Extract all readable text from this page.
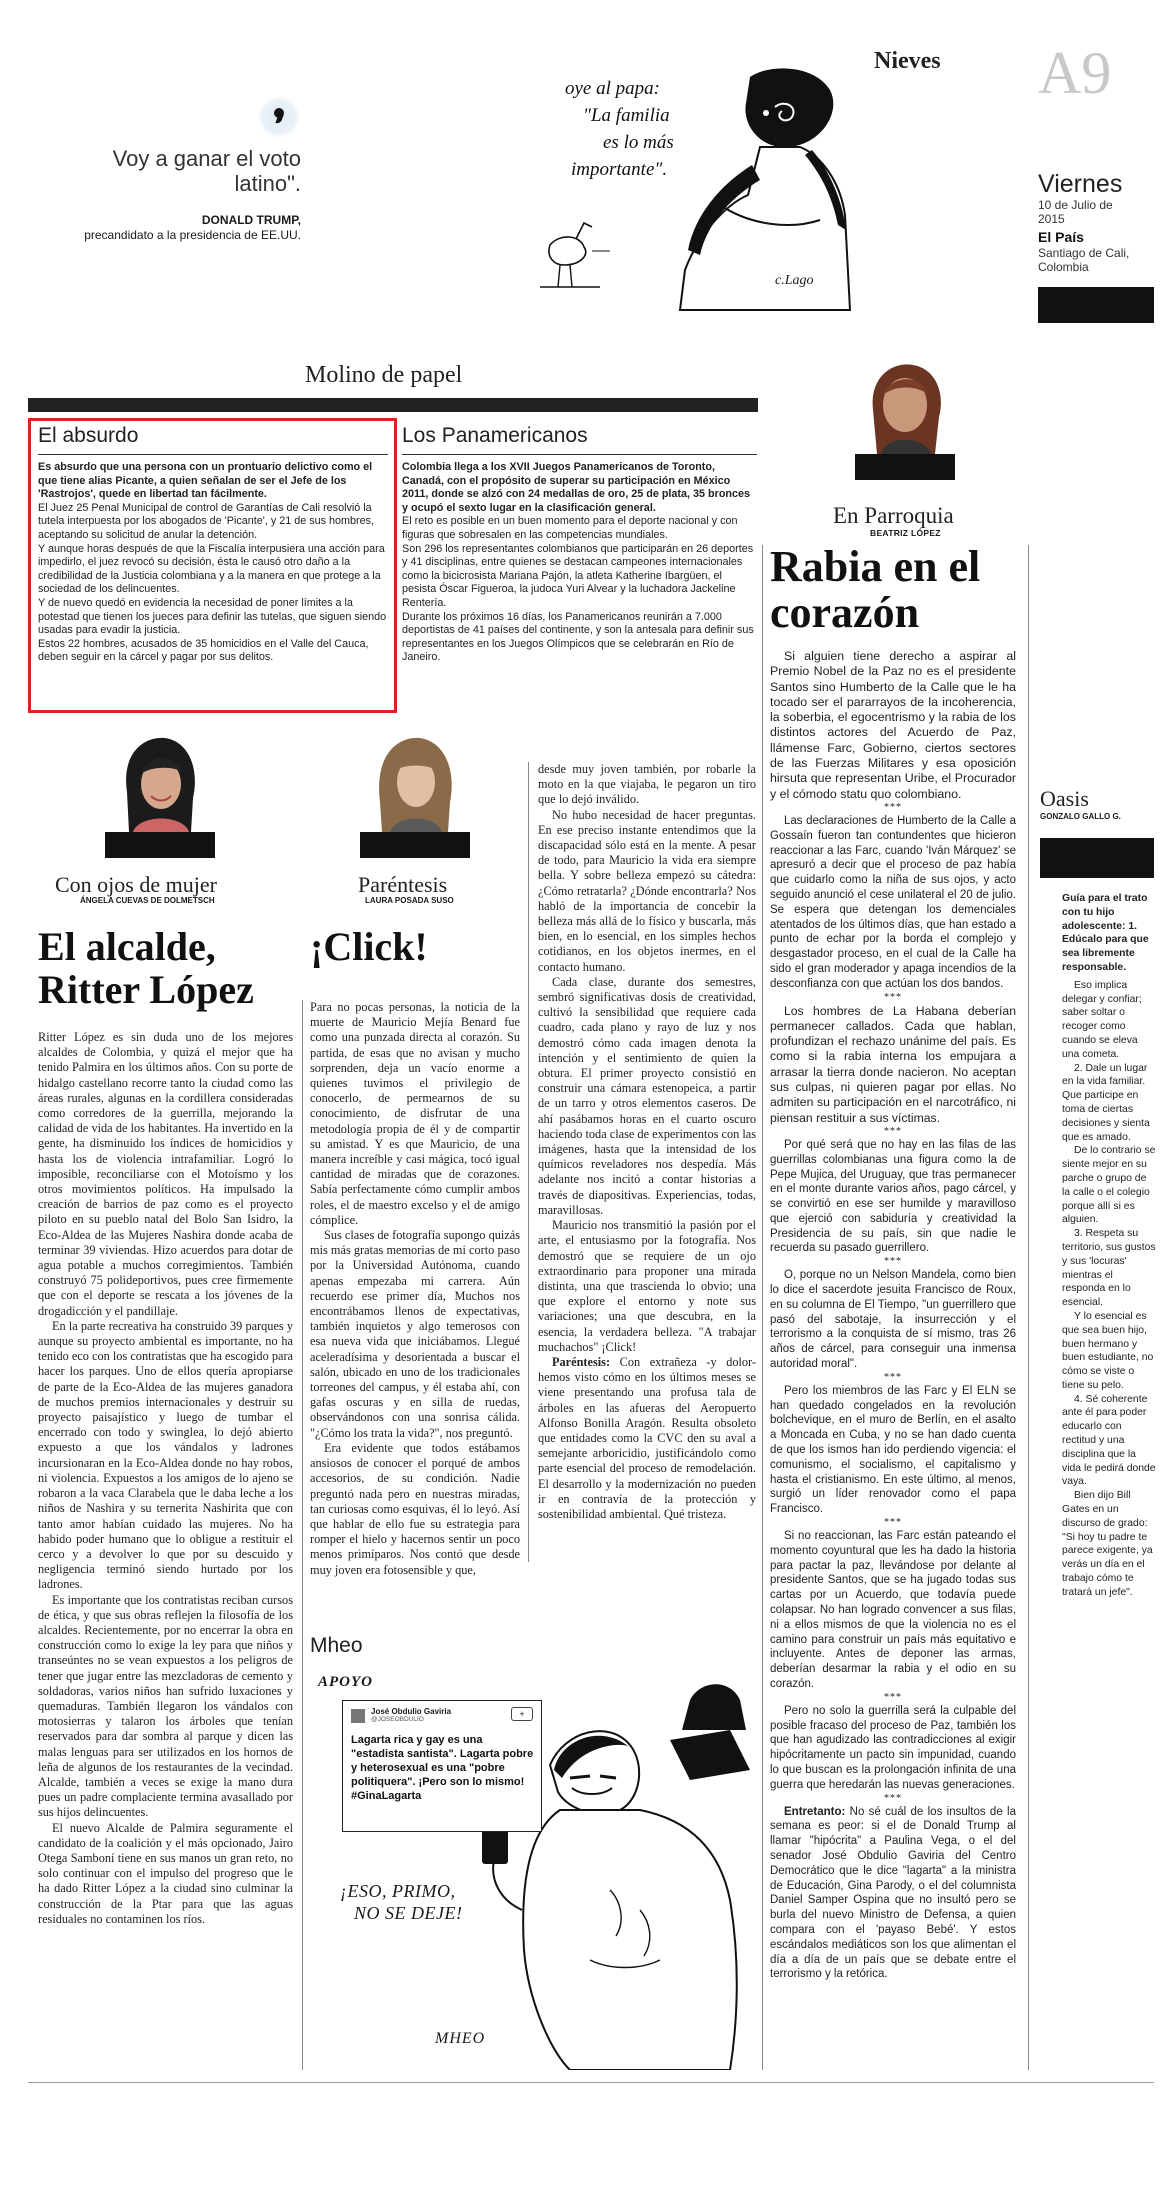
Voy a ganar el voto latino".
DONALD TRUMP,
precandidato a la presidencia de EE.UU.
oye al papa:
"La familia
es lo más
importante".
c.Lago
Nieves A9
Viernes
10 de Julio de 2015
El País
Santiago de Cali, Colombia
Molino de papel
El absurdo

Es absurdo que una persona con un prontuario delictivo como el que tiene alias Picante, a quien señalan de ser el Jefe de los 'Rastrojos', quede en libertad tan fácilmente.

El Juez 25 Penal Municipal de control de Garantías de Cali resolvió la tutela interpuesta por los abogados de 'Picante', y 21 de sus hombres, aceptando su solicitud de anular la detención.

Y aunque horas después de que la Fiscalía interpusiera una acción para impedirlo, el juez revocó su decisión, ésta le causó otro daño a la credibilidad de la Justicia colombiana y a la manera en que protege a la sociedad de los delincuentes.

Y de nuevo quedó en evidencia la necesidad de poner límites a la potestad que tienen los jueces para definir las tutelas, que siguen siendo usadas para evadir la justicia.

Estos 22 hombres, acusados de 35 homicidios en el Valle del Cauca, deben seguir en la cárcel y pagar por sus delitos.

Los Panamericanos

Colombia llega a los XVII Juegos Panamericanos de Toronto, Canadá, con el propósito de superar su participación en México 2011, donde se alzó con 24 medallas de oro, 25 de plata, 35 bronces y ocupó el sexto lugar en la clasificación general.

El reto es posible en un buen momento para el deporte nacional y con figuras que sobresalen en las competencias mundiales.

Son 296 los representantes colombianos que participarán en 26 deportes y 41 disciplinas, entre quienes se destacan campeones internacionales como la bicicrosista Mariana Pajón, la atleta Katherine Ibargüen, el pesista Óscar Figueroa, la judoca Yuri Alvear y la luchadora Jackeline Rentería.

Durante los próximos 16 días, los Panamericanos reunirán a 7.000 deportistas de 41 países del continente, y son la antesala para definir sus representantes en los Juegos Olímpicos que se celebrarán en Río de Janeiro.

En Parroquia
BEATRIZ LÓPEZ
Rabia en el corazón

Si alguien tiene derecho a aspirar al Premio Nobel de la Paz no es el presidente Santos sino Humberto de la Calle que le ha tocado ser el pararrayos de la incoherencia, la soberbia, el egocentrismo y la rabia de los distintos actores del Acuerdo de Paz, llámense Farc, Gobierno, ciertos sectores de las Fuerzas Militares y esa oposición hirsuta que representan Uribe, el Procurador y el cómodo statu quo colombiano.

***

Las declaraciones de Humberto de la Calle a Gossaín fueron tan contundentes que hicieron reaccionar a las Farc, cuando 'Iván Márquez' se apresuró a decir que el proceso de paz había que cuidarlo como la niña de sus ojos, y acto seguido anunció el cese unilateral el 20 de julio. Se espera que detengan los demenciales atentados de los últimos días, que han estado a punto de echar por la borda el complejo y desgastador proceso, en el cual de la Calle ha sido el gran moderador y apaga incendios de la desconfianza con que actúan los dos bandos.

***

Los hombres de La Habana deberían permanecer callados. Cada que hablan, profundizan el rechazo unánime del país. Es como si la rabia interna los empujara a arrasar la tierra donde nacieron. No aceptan sus culpas, ni quieren pagar por ellas. No admiten su participación en el narcotráfico, ni piensan restituir a sus víctimas.

***

Por qué será que no hay en las filas de las guerrillas colombianas una figura como la de Pepe Mujica, del Uruguay, que tras permanecer en el monte durante varios años, pago cárcel, y se convirtió en ese ser humilde y maravilloso que ejerció con sabiduría y creatividad la Presidencia de su país, sin que nadie le recuerda su pasado guerrillero.

***

O, porque no un Nelson Mandela, como bien lo dice el sacerdote jesuita Francisco de Roux, en su columna de El Tiempo, "un guerrillero que pasó del sabotaje, la insurrección y el terrorismo a la conquista de sí mismo, tras 26 años de cárcel, para conseguir una inmensa autoridad moral".

***

Pero los miembros de las Farc y El ELN se han quedado congelados en la revolución bolchevique, en el muro de Berlín, en el asalto a Moncada en Cuba, y no se han dado cuenta de que los ismos han ido perdiendo vigencia: el comunismo, el socialismo, el capitalismo y hasta el cristianismo. En este último, al menos, surgió un líder renovador como el papa Francisco.

***

Si no reaccionan, las Farc están pateando el momento coyuntural que les ha dado la historia para pactar la paz, llevándose por delante al presidente Santos, que se ha jugado todas sus cartas por un Acuerdo, que todavía puede colapsar. No han logrado convencer a sus filas, ni a ellos mismos de que la violencia no es el camino para construir un país más equitativo e incluyente. Antes de deponer las armas, deberían desarmar la rabia y el odio en su corazón.

***

Pero no solo la guerrilla será la culpable del posible fracaso del proceso de Paz, también los que han agudizado las contradicciones al exigir hipócritamente un pacto sin impunidad, cuando lo que buscan es la prolongación infinita de una guerra que heredarán las nuevas generaciones.

***

Entretanto: No sé cuál de los insultos de la semana es peor: si el de Donald Trump al llamar "hipócrita" a Paulina Vega, o el del senador José Obdulio Gaviria del Centro Democrático que le dice "lagarta" a la ministra de Educación, Gina Parody, o el del columnista Daniel Samper Ospina que no insultó pero se burla del nuevo Ministro de Defensa, a quien compara con el 'payaso Bebé'. Y estos escándalos mediáticos son los que alimentan el día a día de un país que se debate entre el terrorismo y la retórica.

Oasis
GONZALO GALLO G.

Guía para el trato con tu hijo adolescente: 1. Edúcalo para que sea libremente responsable.

Eso implica delegar y confiar; saber soltar o recoger como cuando se eleva una cometa.

2. Dale un lugar en la vida familiar. Que participe en toma de ciertas decisiones y sienta que es amado.

De lo contrario se siente mejor en su parche o grupo de la calle o el colegio porque allí si es alguien.

3. Respeta su territorio, sus gustos y sus 'locuras' mientras el responda en lo esencial.

Y lo esencial es que sea buen hijo, buen hermano y buen estudiante, no cómo se viste o tiene su pelo.

4. Sé coherente ante él para poder educarlo con rectitud y una disciplina que la vida le pedirá donde vaya.

Bien dijo Bill Gates en un discurso de grado: "Si hoy tu padre te parece exigente, ya verás un día en el trabajo cómo te tratará un jefe".

Con ojos de mujer
ÁNGELA CUEVAS DE DOLMETSCH
El alcalde, Ritter López

Ritter López es sin duda uno de los mejores alcaldes de Colombia, y quizá el mejor que ha tenido Palmira en los últimos años. Con su porte de hidalgo castellano recorre tanto la ciudad como las áreas rurales, algunas en la cordillera consideradas como corredores de la guerrilla, mejorando la calidad de vida de los habitantes. Ha invertido en la gente, ha disminuido los índices de homicidios y hasta los de violencia intrafamiliar. Logró lo imposible, reconciliarse con el Motoísmo y los otros movimientos políticos. Ha impulsado la creación de barrios de paz como es el proyecto piloto en su pueblo natal del Bolo San Isidro, la Eco-Aldea de las Mujeres Nashira donde acaba de terminar 39 viviendas. Hizo acuerdos para dotar de agua potable a muchos corregimientos. También construyó 75 polideportivos, pues cree firmemente que con el deporte se rescata a los jóvenes de la drogadicción y el pandillaje.

En la parte recreativa ha construido 39 parques y aunque su proyecto ambiental es importante, no ha tenido eco con los contratistas que ha escogido para hacer los parques. Uno de ellos quería apropiarse de parte de la Eco-Aldea de las mujeres ganadora de muchos premios internacionales y destruir su proyecto paisajístico y luego de tumbar el encerrado con todo y swinglea, lo dejó abierto expuesto a que los vándalos y ladrones incursionaran en la Eco-Aldea donde no hay robos, ni violencia. Expuestos a los amigos de lo ajeno se robaron a la vaca Clarabela que le daba leche a los niños de Nashira y su ternerita Nashirita que con tanto amor habían cuidado las mujeres. No ha habido poder humano que lo obligue a restituir el cerco y a devolver lo que por su descuido y negligencia terminó siendo hurtado por los ladrones.

Es importante que los contratistas reciban cursos de ética, y que sus obras reflejen la filosofía de los alcaldes. Recientemente, por no encerrar la obra en construcción como lo exige la ley para que niños y transeúntes no se vean expuestos a los peligros de tener que jugar entre las mezcladoras de cemento y soldadoras, varios niños han sufrido luxaciones y quemaduras. También llegaron los vándalos con motosierras y talaron los árboles que tenían reservados para dar sombra al parque y dicen las malas lenguas para ser utilizados en los hornos de leña de algunos de los restaurantes de la vecindad. Alcalde, también a veces se exige la mano dura pues un padre complaciente termina avasallado por sus hijos delincuentes.

El nuevo Alcalde de Palmira seguramente el candidato de la coalición y el más opcionado, Jairo Otega Samboní tiene en sus manos un gran reto, no solo continuar con el impulso del progreso que le ha dado Ritter López a la ciudad sino culminar la construcción de la Ptar para que las aguas residuales no contaminen los ríos.

Paréntesis
LAURA POSADA SUSO
¡Click!

Para no pocas personas, la noticia de la muerte de Mauricio Mejía Benard fue como una punzada directa al corazón. Su partida, de esas que no avisan y mucho sorprenden, deja un vacío enorme a quienes tuvimos el privilegio de conocerlo, de permearnos de su conocimiento, de disfrutar de una metodología propia de él y de compartir su amistad. Y es que Mauricio, de una manera increíble y casi mágica, tocó igual cantidad de miradas que de corazones. Sabía perfectamente cómo cumplir ambos roles, el de maestro excelso y el de amigo cómplice.

Sus clases de fotografía supongo quizás mis más gratas memorias de mi corto paso por la Universidad Autónoma, cuando apenas empezaba mi carrera. Aún recuerdo ese primer día, Muchos nos encontrábamos llenos de expectativas, también inquietos y algo temerosos con esa nueva vida que iniciábamos. Llegué aceleradísima y desorientada a buscar el salón, ubicado en uno de los tradicionales torreones del campus, y él estaba ahí, con gafas oscuras y en silla de ruedas, observándonos con una sonrisa cálida. "¿Cómo los trata la vida?", nos preguntó.

Era evidente que todos estábamos ansiosos de conocer el porqué de ambos accesorios, de su condición. Nadie preguntó nada pero en nuestras miradas, tan curiosas como esquivas, él lo leyó. Así que hablar de ello fue su estrategia para romper el hielo y hacernos sentir un poco menos primíparos. Nos contó que desde muy joven era fotosensible y que,

desde muy joven también, por robarle la moto en la que viajaba, le pegaron un tiro que lo dejó inválido.

No hubo necesidad de hacer preguntas. En ese preciso instante entendimos que la discapacidad sólo está en la mente. A pesar de todo, para Mauricio la vida era siempre bella. Y sobre belleza empezó su cátedra: ¿Cómo retratarla? ¿Dónde encontrarla? Nos habló de la importancia de concebir la belleza más allá de lo físico y buscarla, más bien, en lo esencial, en los simples hechos cotidianos, en los objetos inermes, en el contacto humano.

Cada clase, durante dos semestres, sembró significativas dosis de creatividad, cultivó la sensibilidad que requiere cada cuadro, cada plano y rayo de luz y nos demostró cómo cada imagen denota la intención y el sentimiento de quien la obtura. El primer proyecto consistió en construir una cámara estenopeica, a partir de un tarro y otros elementos caseros. De ahí pasábamos horas en el cuarto oscuro haciendo toda clase de experimentos con las imágenes, hasta que la intensidad de los químicos reveladores nos despedía. Más adelante nos incitó a contar historias a través de diapositivas. Experiencias, todas, maravillosas.

Mauricio nos transmitió la pasión por el arte, el entusiasmo por la fotografía. Nos demostró que se requiere de un ojo extraordinario para proponer una mirada distinta, una que trascienda lo obvio; una que explore el entorno y note sus variaciones; una que descubra, en la esencia, la verdadera belleza. "A trabajar muchachos" ¡Click!

Paréntesis: Con extrañeza -y dolor- hemos visto cómo en los últimos meses se viene presentando una profusa tala de árboles en las afueras del Aeropuerto Alfonso Bonilla Aragón. Resulta obsoleto que entidades como la CVC den su aval a semejante arboricidio, justificándolo como parte esencial del proceso de remodelación. El desarrollo y la modernización no pueden ir en contravía de la protección y sostenibilidad ambiental. Qué tristeza.

Mheo
APOYO
José Obdulio Gaviria
@JOSEOBDULIO
+
Lagarta rica y gay es una "estadista santista". Lagarta pobre y heterosexual es una "pobre politiquera". ¡Pero son lo mismo! #GinaLagarta
¡ESO, PRIMO,
NO SE DEJE!
MHEO
